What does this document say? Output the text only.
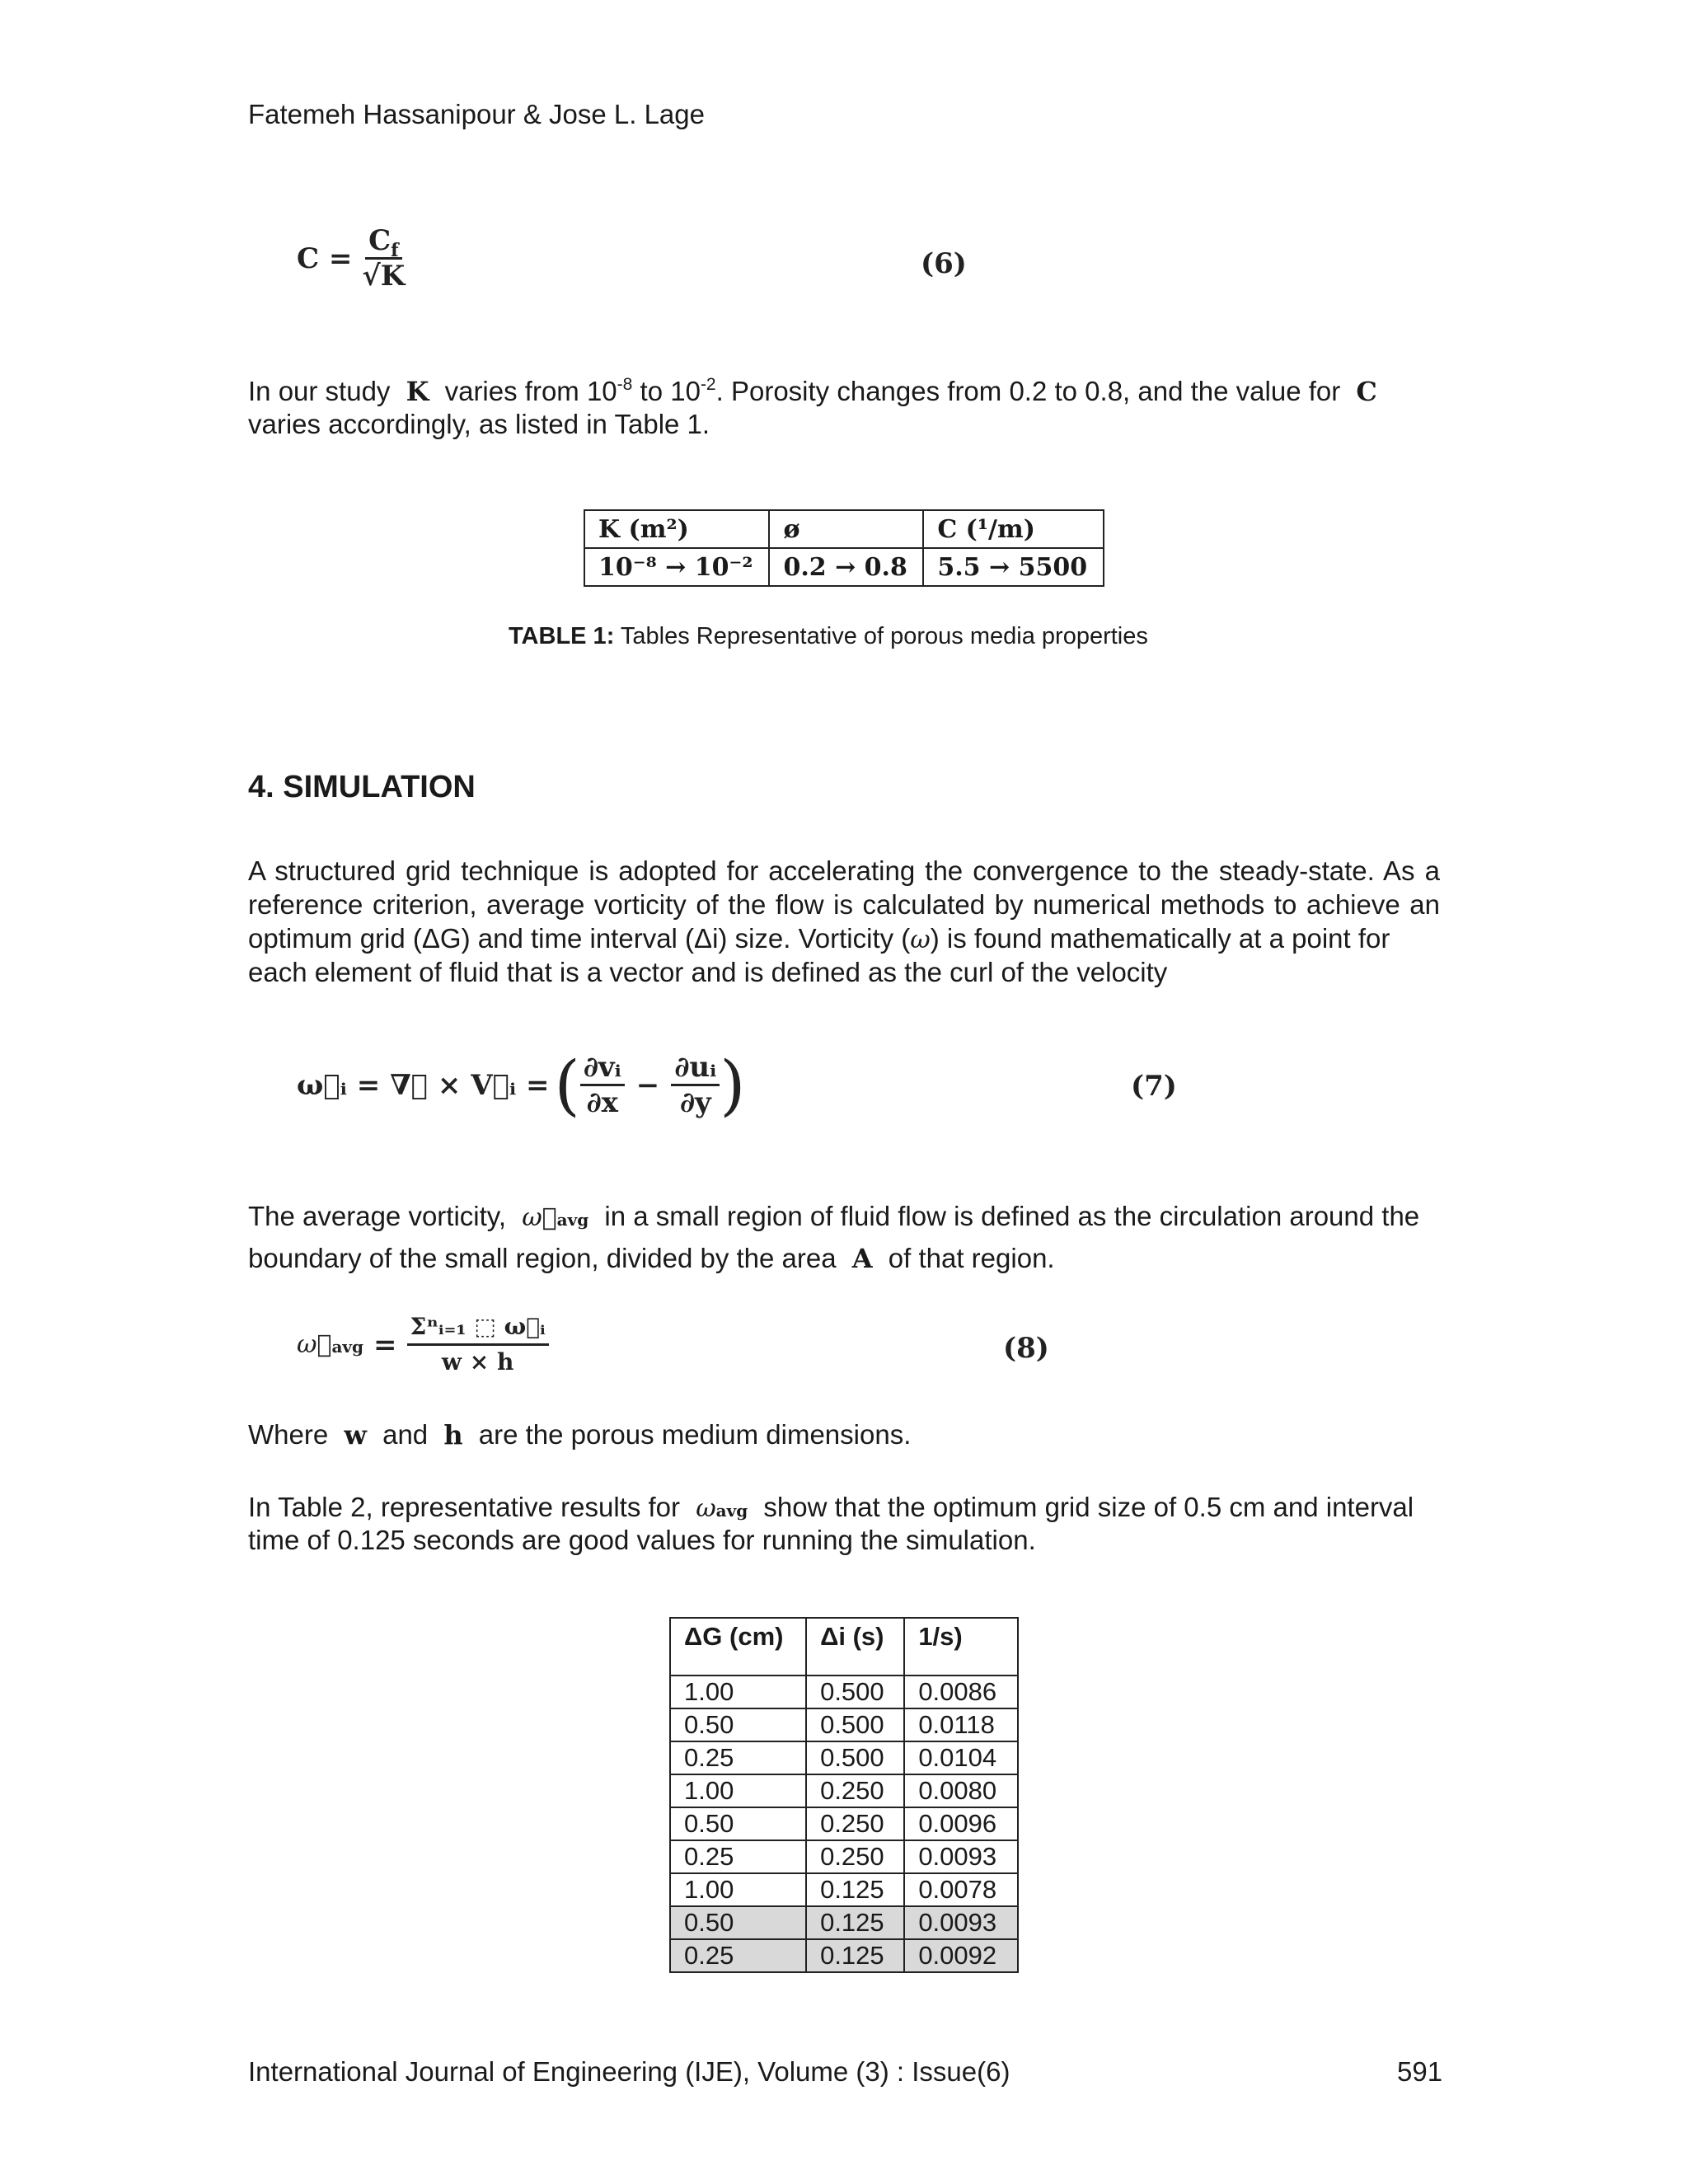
Fatemeh Hassanipour & Jose L. Lage
$C = \frac{C_f}{√K}$	(6)
In our study K varies from $10^{-8}$ to $10^{-2}$. Porosity changes from 0.2 to 0.8, and the value for C
varies accordingly, as listed in Table 1.
K (m²)	ø	C (¹/m)
10⁻⁸ → 10⁻²	0.2 → 0.8	5.5 → 5500
TABLE 1: Tables Representative of porous media properties
4. SIMULATION
A structured grid technique is adopted for accelerating the convergence to the steady-state. As a
reference criterion, average vorticity of the flow is calculated by numerical methods to achieve an
optimum grid (ΔG) and time interval (Δi) size. Vorticity (ω) is found mathematically at a point for
each element of fluid that is a vector and is defined as the curl of the velocity
ω⃗ᵢ = ∇⃗ × V⃗ᵢ = ( $\frac{\text{∂vᵢ}}{\partial x} - \frac{\text{∂uᵢ}}{\partial y}$ )	(7)
The average vorticity, ω⃗avg in a small region of fluid flow is defined as the circulation around the
boundary of the small region, divided by the area A of that region.
ω⃗avg = $\frac{\text{Σⁿᵢ₌₁ ⬚ ω⃗ᵢ}}{w \times h}$	(8)
Where w and h are the porous medium dimensions.
In Table 2, representative results for ωavg show that the optimum grid size of 0.5 cm and interval
time of 0.125 seconds are good values for running the simulation.
ΔG (cm)	Δi (s)	1/s)
1.00	0.500	0.0086
0.50	0.500	0.0118
0.25	0.500	0.0104
1.00	0.250	0.0080
0.50	0.250	0.0096
0.25	0.250	0.0093
1.00	0.125	0.0078
0.50	0.125	0.0093
0.25	0.125	0.0092
International Journal of Engineering (IJE), Volume (3) : Issue(6)	591
